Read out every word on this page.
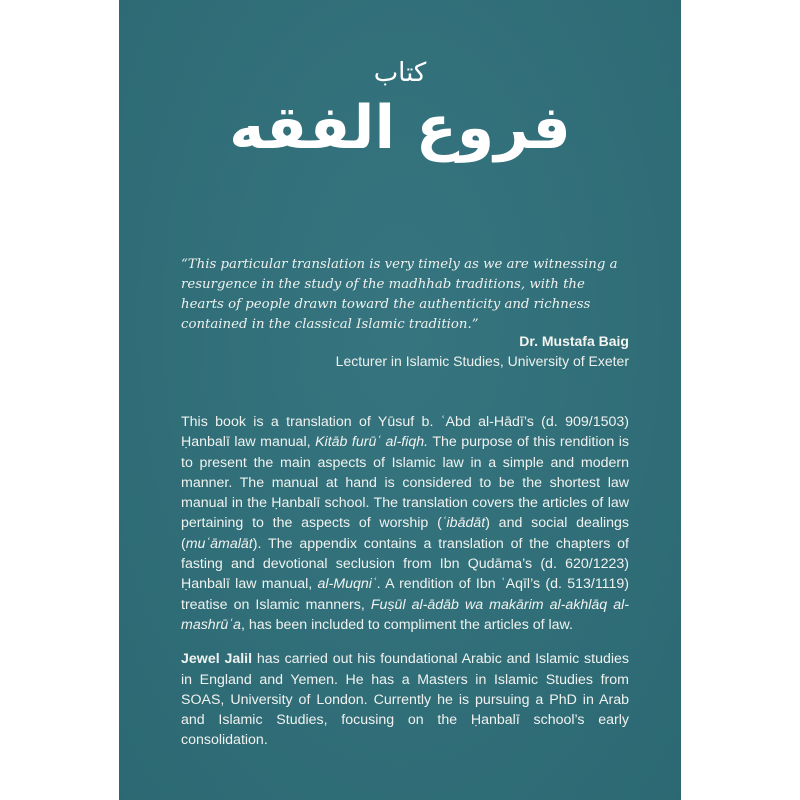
كتاب
فروع الفقه
“This particular translation is very timely as we are witnessing a resurgence in the study of the madhhab traditions, with the hearts of people drawn toward the authenticity and richness contained in the classical Islamic tradition.”
Dr. Mustafa Baig
Lecturer in Islamic Studies, University of Exeter

This book is a translation of Yūsuf b. ʿAbd al-Hādī’s (d. 909/1503) Ḥanbalī law manual, Kitāb furūʿ al-fiqh. The purpose of this rendition is to present the main aspects of Islamic law in a simple and modern manner. The manual at hand is considered to be the shortest law manual in the Ḥanbalī school. The translation covers the articles of law pertaining to the aspects of worship (ʿibādāt) and social dealings (muʿāmalāt). The appendix contains a translation of the chapters of fasting and devotional seclusion from Ibn Qudāma’s (d. 620/1223) Ḥanbalī law manual, al-Muqniʿ. A rendition of Ibn ʿAqīl’s (d. 513/1119) treatise on Islamic manners, Fuṣūl al-ādāb wa makārim al-akhlāq al-mashrūʿa, has been included to compliment the articles of law.

Jewel Jalil has carried out his foundational Arabic and Islamic studies in England and Yemen. He has a Masters in Islamic Studies from SOAS, University of London. Currently he is pursuing a PhD in Arab and Islamic Studies, focusing on the Ḥanbalī school’s early consolidation.
